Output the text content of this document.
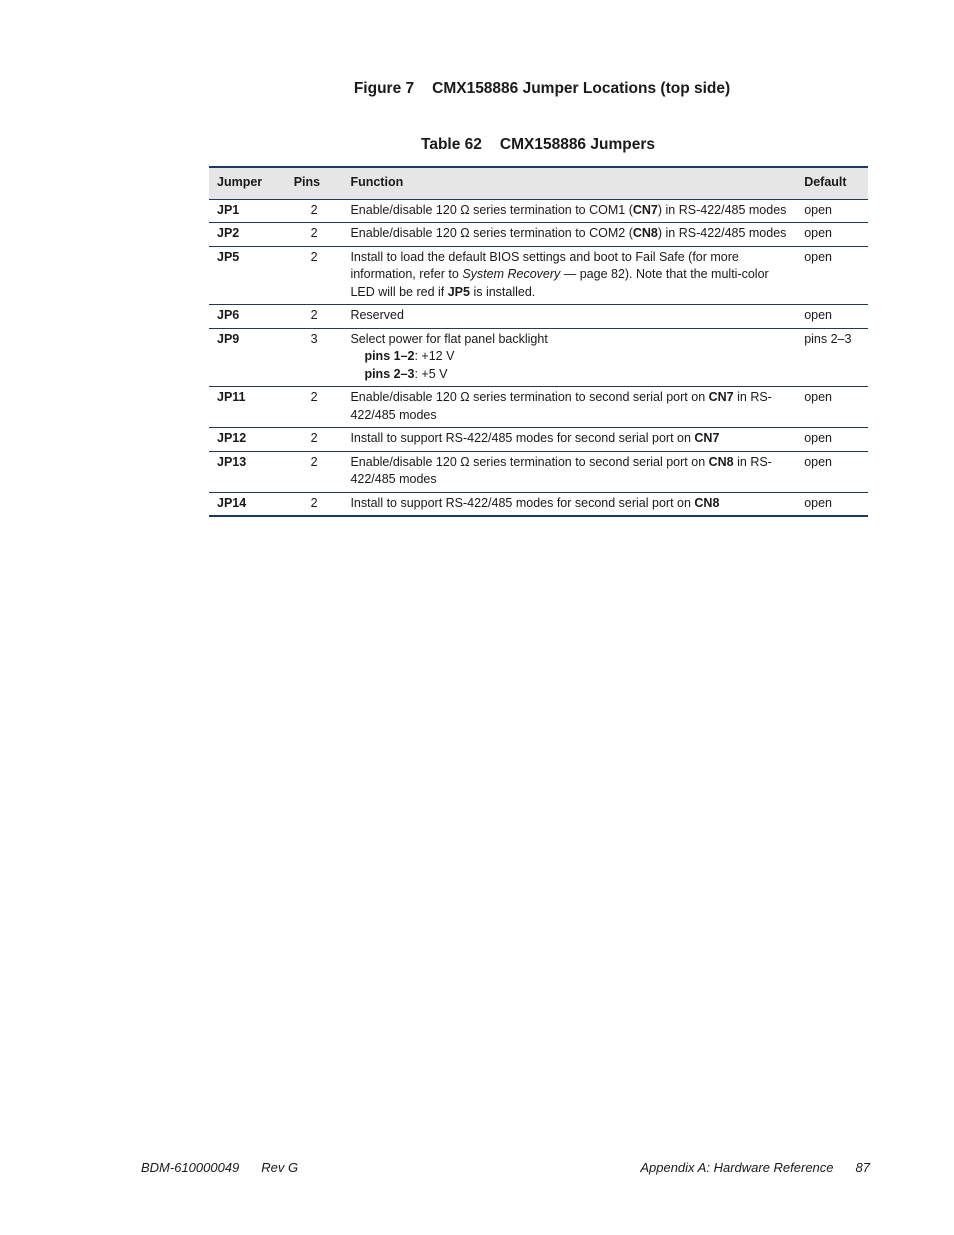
Figure 7 CMX158886 Jumper Locations (top side)
Table 62 CMX158886 Jumpers
Jumper	Pins	Function	Default
JP1	2	Enable/disable 120 Ω series termination to COM1 (CN7) in RS-422/485 modes	open
JP2	2	Enable/disable 120 Ω series termination to COM2 (CN8) in RS-422/485 modes	open
JP5	2	Install to load the default BIOS settings and boot to Fail Safe (for more information, refer to System Recovery — page 82). Note that the multi-color LED will be red if JP5 is installed.	open
JP6	2	Reserved	open
JP9	3	Select power for flat panel backlight
pins 1–2: +12 V
pins 2–3: +5 V	pins 2–3
JP11	2	Enable/disable 120 Ω series termination to second serial port on CN7 in RS-422/485 modes	open
JP12	2	Install to support RS-422/485 modes for second serial port on CN7	open
JP13	2	Enable/disable 120 Ω series termination to second serial port on CN8 in RS-422/485 modes	open
JP14	2	Install to support RS-422/485 modes for second serial port on CN8	open
BDM-610000049 Rev G	Appendix A: Hardware Reference 87
